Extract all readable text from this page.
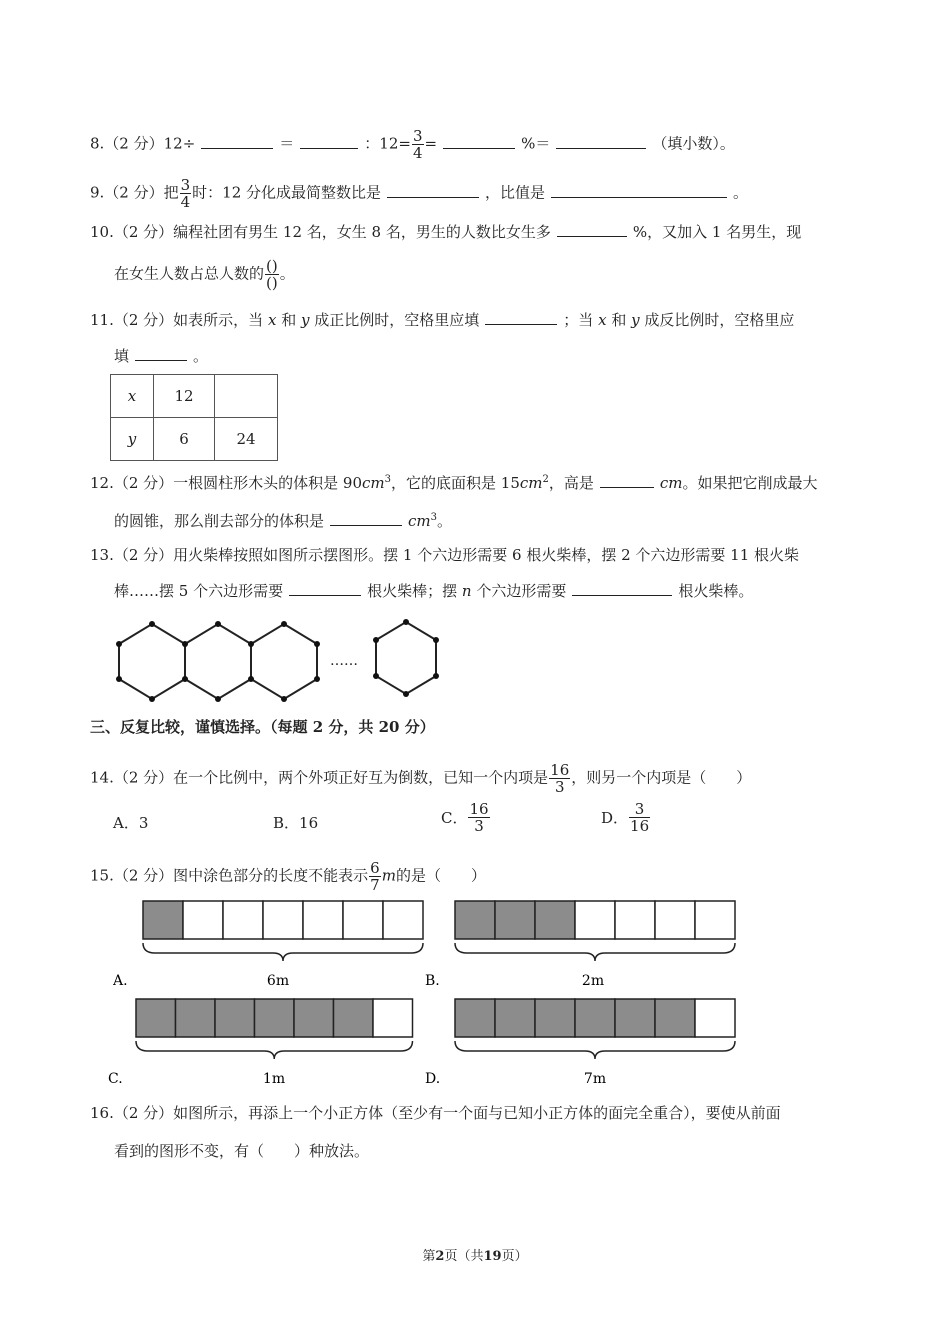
8.（2 分）12÷	＝	：$12= \frac{3}{4}$ =	%＝	（填小数）。
9.（2 分）把 $\frac{3}{4}$ 时：12 分化成最简整数比是	，比值是	。
10.（2 分）编程社团有男生 12 名，女生 8 名，男生的人数比女生多	%，又加入 1 名男生，现
在女生人数占总人数的 $\frac{()}{()}$ 。
11.（2 分）如表所示，当 x 和 y 成正比例时，空格里应填	；当 x 和 y 成反比例时，空格里应
填	。
x	12	
y	6	24
12.（2 分）一根圆柱形木头的体积是 $90cm^3$，它的底面积是 $15cm^2$，高是	cm。如果把它削成最大
的圆锥，那么削去部分的体积是	$cm^3$。
13.（2 分）用火柴棒按照如图所示摆图形。摆 1 个六边形需要 6 根火柴棒，摆 2 个六边形需要 11 根火柴
棒……摆 5 个六边形需要	根火柴棒；摆 n 个六边形需要	根火柴棒。
……
三、反复比较，谨慎选择。（每题 2 分，共 20 分）
14.（2 分）在一个比例中，两个外项正好互为倒数，已知一个内项是 $\frac{16}{3}$ ，则另一个内项是（　　）
A．3	B．16	C． $\frac{16}{3}$	D． $\frac{3}{16}$
15.（2 分）图中涂色部分的长度不能表示 $\frac{6}{7}$ m的是（　　）
A.	6m	B.	2m
C.	1m	D.	7m
16.（2 分）如图所示，再添上一个小正方体（至少有一个面与已知小正方体的面完全重合），要使从前面
看到的图形不变，有（　　）种放法。
第2页（共19页）
